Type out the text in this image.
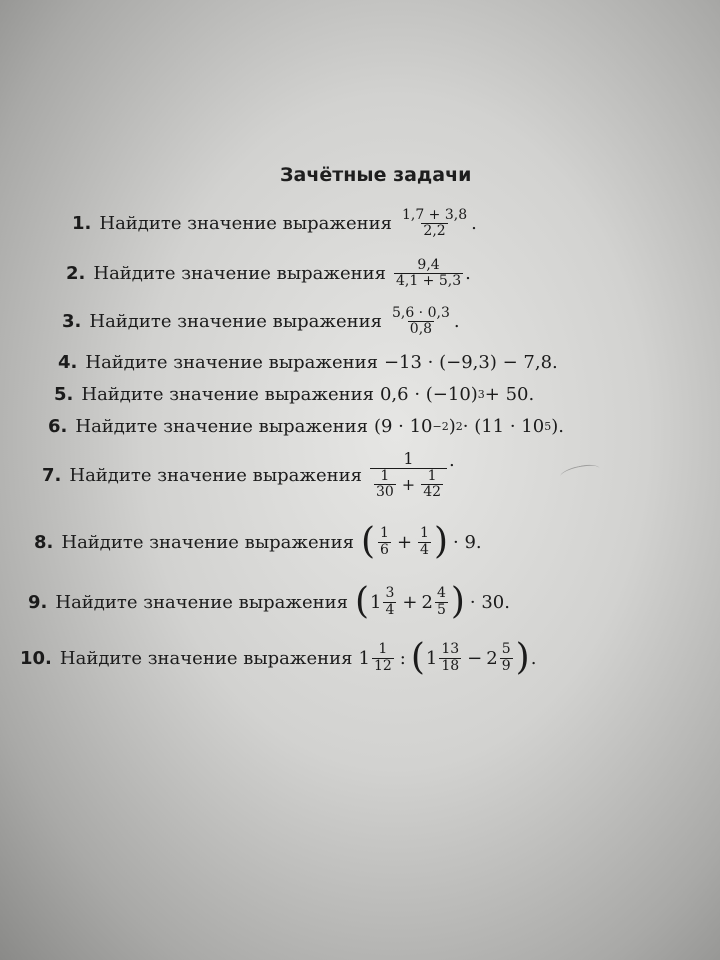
Зачётные задачи
1. Найдите значение выражения $\frac{1,7 + 3,8}{2,2}$ .
2. Найдите значение выражения $\frac{9,4}{4,1 + 5,3}$ .
3. Найдите значение выражения $\frac{5,6 \cdot 0,3}{0,8}$ .
4. Найдите значение выражения −13 · (−9,3) − 7,8.
5. Найдите значение выражения 0,6 · (−10) 3 + 50.
6. Найдите значение выражения (9 · 10 −2 ) 2 · (11 · 10 5 ).
7. Найдите значение выражения
1
$\frac{1}{30} + \frac{1}{42}$
.
8. Найдите значение выражения ( $\frac{1}{6} + \frac{1}{4}$ ) · 9.
9. Найдите значение выражения ( $1 \frac{3}{4} + 2 \frac{4}{5}$ ) · 30.
10. Найдите значение выражения $1 \frac{1}{12}$ : ( $1 \frac{13}{18} - 2 \frac{5}{9}$ ) .
